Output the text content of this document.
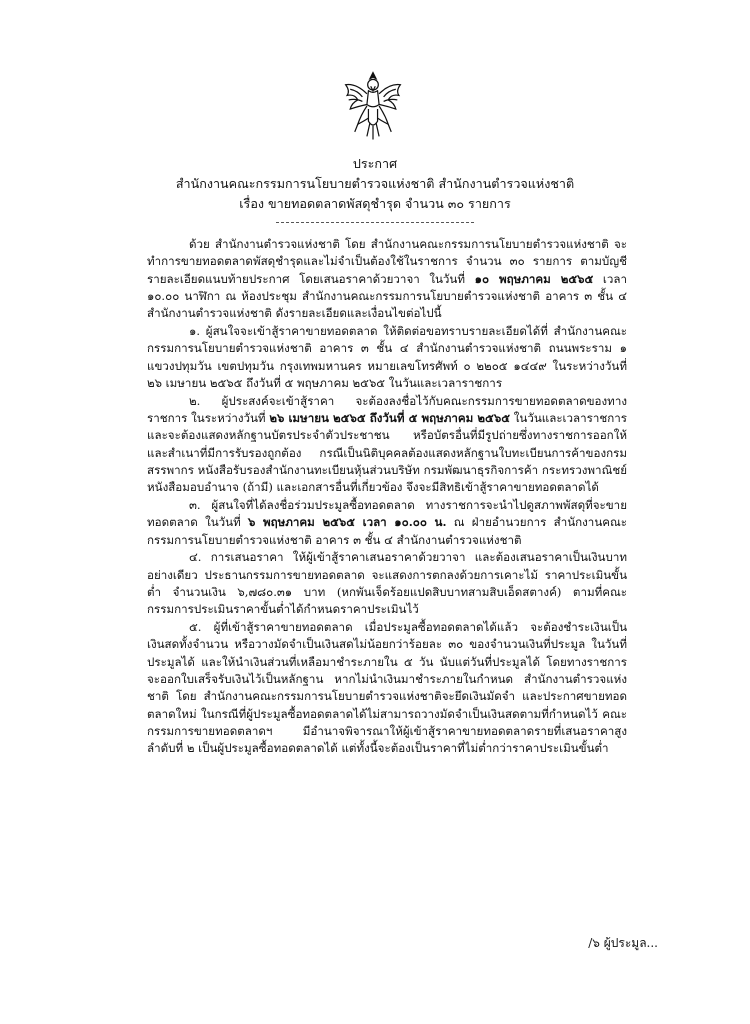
ประกาศ
สำนักงานคณะกรรมการนโยบายตำรวจแห่งชาติ สำนักงานตำรวจแห่งชาติ
เรื่อง ขายทอดตลาดพัสดุชำรุด จำนวน ๓๐ รายการ

ด้วย สำนักงานตำรวจแห่งชาติ โดย สำนักงานคณะกรรมการนโยบายตำรวจแห่งชาติ จะทำการขายทอดตลาดพัสดุชำรุดและไม่จำเป็นต้องใช้ในราชการ จำนวน ๓๐ รายการ ตามบัญชีรายละเอียดแนบท้ายประกาศ โดยเสนอราคาด้วยวาจา ในวันที่ ๑๐ พฤษภาคม ๒๕๖๕ เวลา ๑๐.๐๐ นาฬิกา ณ ห้องประชุม สำนักงานคณะกรรมการนโยบายตำรวจแห่งชาติ อาคาร ๓ ชั้น ๔ สำนักงานตำรวจแห่งชาติ ดังรายละเอียดและเงื่อนไขต่อไปนี้

๑. ผู้สนใจจะเข้าสู้ราคาขายทอดตลาด ให้ติดต่อขอทราบรายละเอียดได้ที่ สำนักงานคณะกรรมการนโยบายตำรวจแห่งชาติ อาคาร ๓ ชั้น ๔ สำนักงานตำรวจแห่งชาติ ถนนพระราม ๑ แขวงปทุมวัน เขตปทุมวัน กรุงเทพมหานคร หมายเลขโทรศัพท์ ๐ ๒๒๐๕ ๑๔๔๙ ในระหว่างวันที่ ๒๖ เมษายน ๒๕๖๕ ถึงวันที่ ๕ พฤษภาคม ๒๕๖๕ ในวันและเวลาราชการ

๒. ผู้ประสงค์จะเข้าสู้ราคา จะต้องลงชื่อไว้กับคณะกรรมการขายทอดตลาดของทางราชการ ในระหว่างวันที่ ๒๖ เมษายน ๒๕๖๕ ถึงวันที่ ๕ พฤษภาคม ๒๕๖๕ ในวันและเวลาราชการ และจะต้องแสดงหลักฐานบัตรประจำตัวประชาชน หรือบัตรอื่นที่มีรูปถ่ายซึ่งทางราชการออกให้ และสำเนาที่มีการรับรองถูกต้อง กรณีเป็นนิติบุคคลต้องแสดงหลักฐานใบทะเบียนการค้าของกรมสรรพากร หนังสือรับรองสำนักงานทะเบียนหุ้นส่วนบริษัท กรมพัฒนาธุรกิจการค้า กระทรวงพาณิชย์ หนังสือมอบอำนาจ (ถ้ามี) และเอกสารอื่นที่เกี่ยวข้อง จึงจะมีสิทธิเข้าสู้ราคาขายทอดตลาดได้

๓. ผู้สนใจที่ได้ลงชื่อร่วมประมูลซื้อทอดตลาด ทางราชการจะนำไปดูสภาพพัสดุที่จะขายทอดตลาด ในวันที่ ๖ พฤษภาคม ๒๕๖๕ เวลา ๑๐.๐๐ น. ณ ฝ่ายอำนวยการ สำนักงานคณะกรรมการนโยบายตำรวจแห่งชาติ อาคาร ๓ ชั้น ๔ สำนักงานตำรวจแห่งชาติ

๔. การเสนอราคา ให้ผู้เข้าสู้ราคาเสนอราคาด้วยวาจา และต้องเสนอราคาเป็นเงินบาทอย่างเดียว ประธานกรรมการขายทอดตลาด จะแสดงการตกลงด้วยการเคาะไม้ ราคาประเมินขั้นต่ำ จำนวนเงิน ๖,๗๘๐.๓๑ บาท (หกพันเจ็ดร้อยแปดสิบบาทสามสิบเอ็ดสตางค์) ตามที่คณะกรรมการประเมินราคาขั้นต่ำได้กำหนดราคาประเมินไว้

๕. ผู้ที่เข้าสู้ราคาขายทอดตลาด เมื่อประมูลซื้อทอดตลาดได้แล้ว จะต้องชำระเงินเป็นเงินสดทั้งจำนวน หรือวางมัดจำเป็นเงินสดไม่น้อยกว่าร้อยละ ๓๐ ของจำนวนเงินที่ประมูล ในวันที่ประมูลได้ และให้นำเงินส่วนที่เหลือมาชำระภายใน ๕ วัน นับแต่วันที่ประมูลได้ โดยทางราชการจะออกใบเสร็จรับเงินไว้เป็นหลักฐาน หากไม่นำเงินมาชำระภายในกำหนด สำนักงานตำรวจแห่งชาติ โดย สำนักงานคณะกรรมการนโยบายตำรวจแห่งชาติจะยึดเงินมัดจำ และประกาศขายทอดตลาดใหม่ ในกรณีที่ผู้ประมูลซื้อทอดตลาดได้ไม่สามารถวางมัดจำเป็นเงินสดตามที่กำหนดไว้ คณะกรรมการขายทอดตลาดฯ มีอำนาจพิจารณาให้ผู้เข้าสู้ราคาขายทอดตลาดรายที่เสนอราคาสูงลำดับที่ ๒ เป็นผู้ประมูลซื้อทอดตลาดได้ แต่ทั้งนี้จะต้องเป็นราคาที่ไม่ต่ำกว่าราคาประเมินขั้นต่ำ

/๖ ผู้ประมูล...
